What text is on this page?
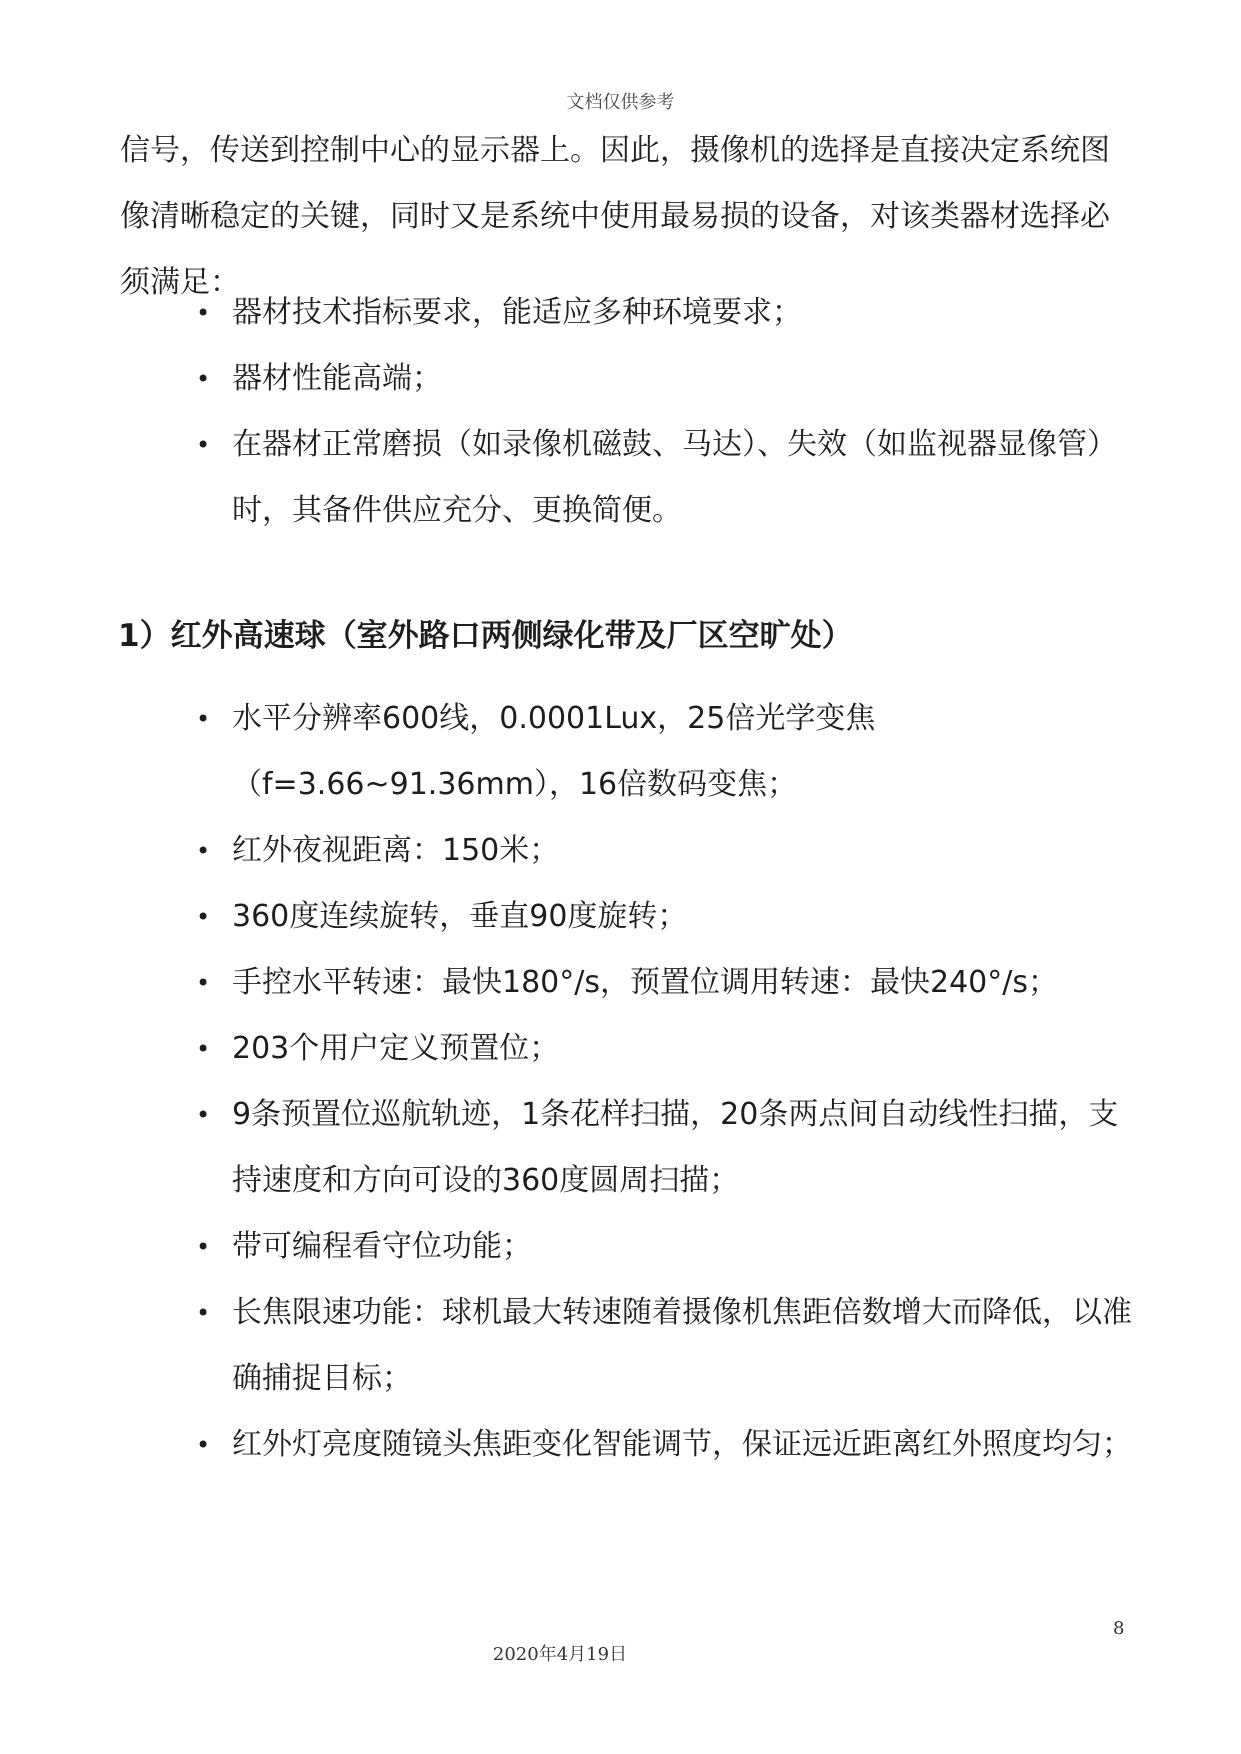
文档仅供参考
信号，传送到控制中心的显示器上。因此，摄像机的选择是直接决定系统图像清晰稳定的关键，同时又是系统中使用最易损的设备，对该类器材选择必须满足：
• 器材技术指标要求，能适应多种环境要求；
• 器材性能高端；
• 在器材正常磨损（如录像机磁鼓、马达）、失效（如监视器显像管）时，其备件供应充分、更换简便。
1）红外高速球（室外路口两侧绿化带及厂区空旷处）
• 水平分辨率600线，0.0001Lux，25倍光学变焦（f=3.66~91.36mm），16倍数码变焦；
• 红外夜视距离：150米；
• 360度连续旋转，垂直90度旋转；
• 手控水平转速：最快180°/s，预置位调用转速：最快240°/s；
• 203个用户定义预置位；
• 9条预置位巡航轨迹，1条花样扫描，20条两点间自动线性扫描，支持速度和方向可设的360度圆周扫描；
• 带可编程看守位功能；
• 长焦限速功能：球机最大转速随着摄像机焦距倍数增大而降低，以准确捕捉目标；
• 红外灯亮度随镜头焦距变化智能调节，保证远近距离红外照度均匀；
8
2020年4月19日
